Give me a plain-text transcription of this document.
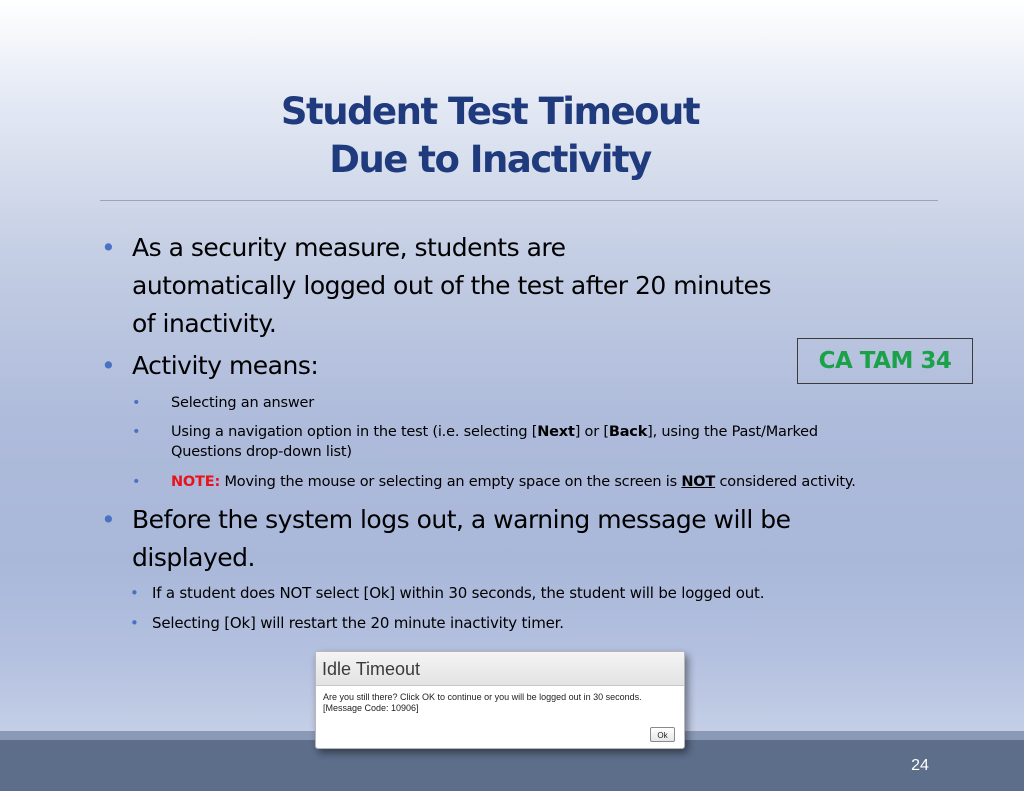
Student Test Timeout
Due to Inactivity
• As a security measure, students are
automatically logged out of the test after 20 minutes
of inactivity.
• Activity means:
• Selecting an answer
• Using a navigation option in the test (i.e. selecting [Next] or [Back], using the Past/Marked
Questions drop-down list)
• NOTE: Moving the mouse or selecting an empty space on the screen is NOT considered activity.
• Before the system logs out, a warning message will be
displayed.
• If a student does NOT select [Ok] within 30 seconds, the student will be logged out.
• Selecting [Ok] will restart the 20 minute inactivity timer.
CA TAM 34
24
Idle Timeout
Are you still there? Click OK to continue or you will be logged out in 30 seconds. [Message Code: 10906]
Ok
